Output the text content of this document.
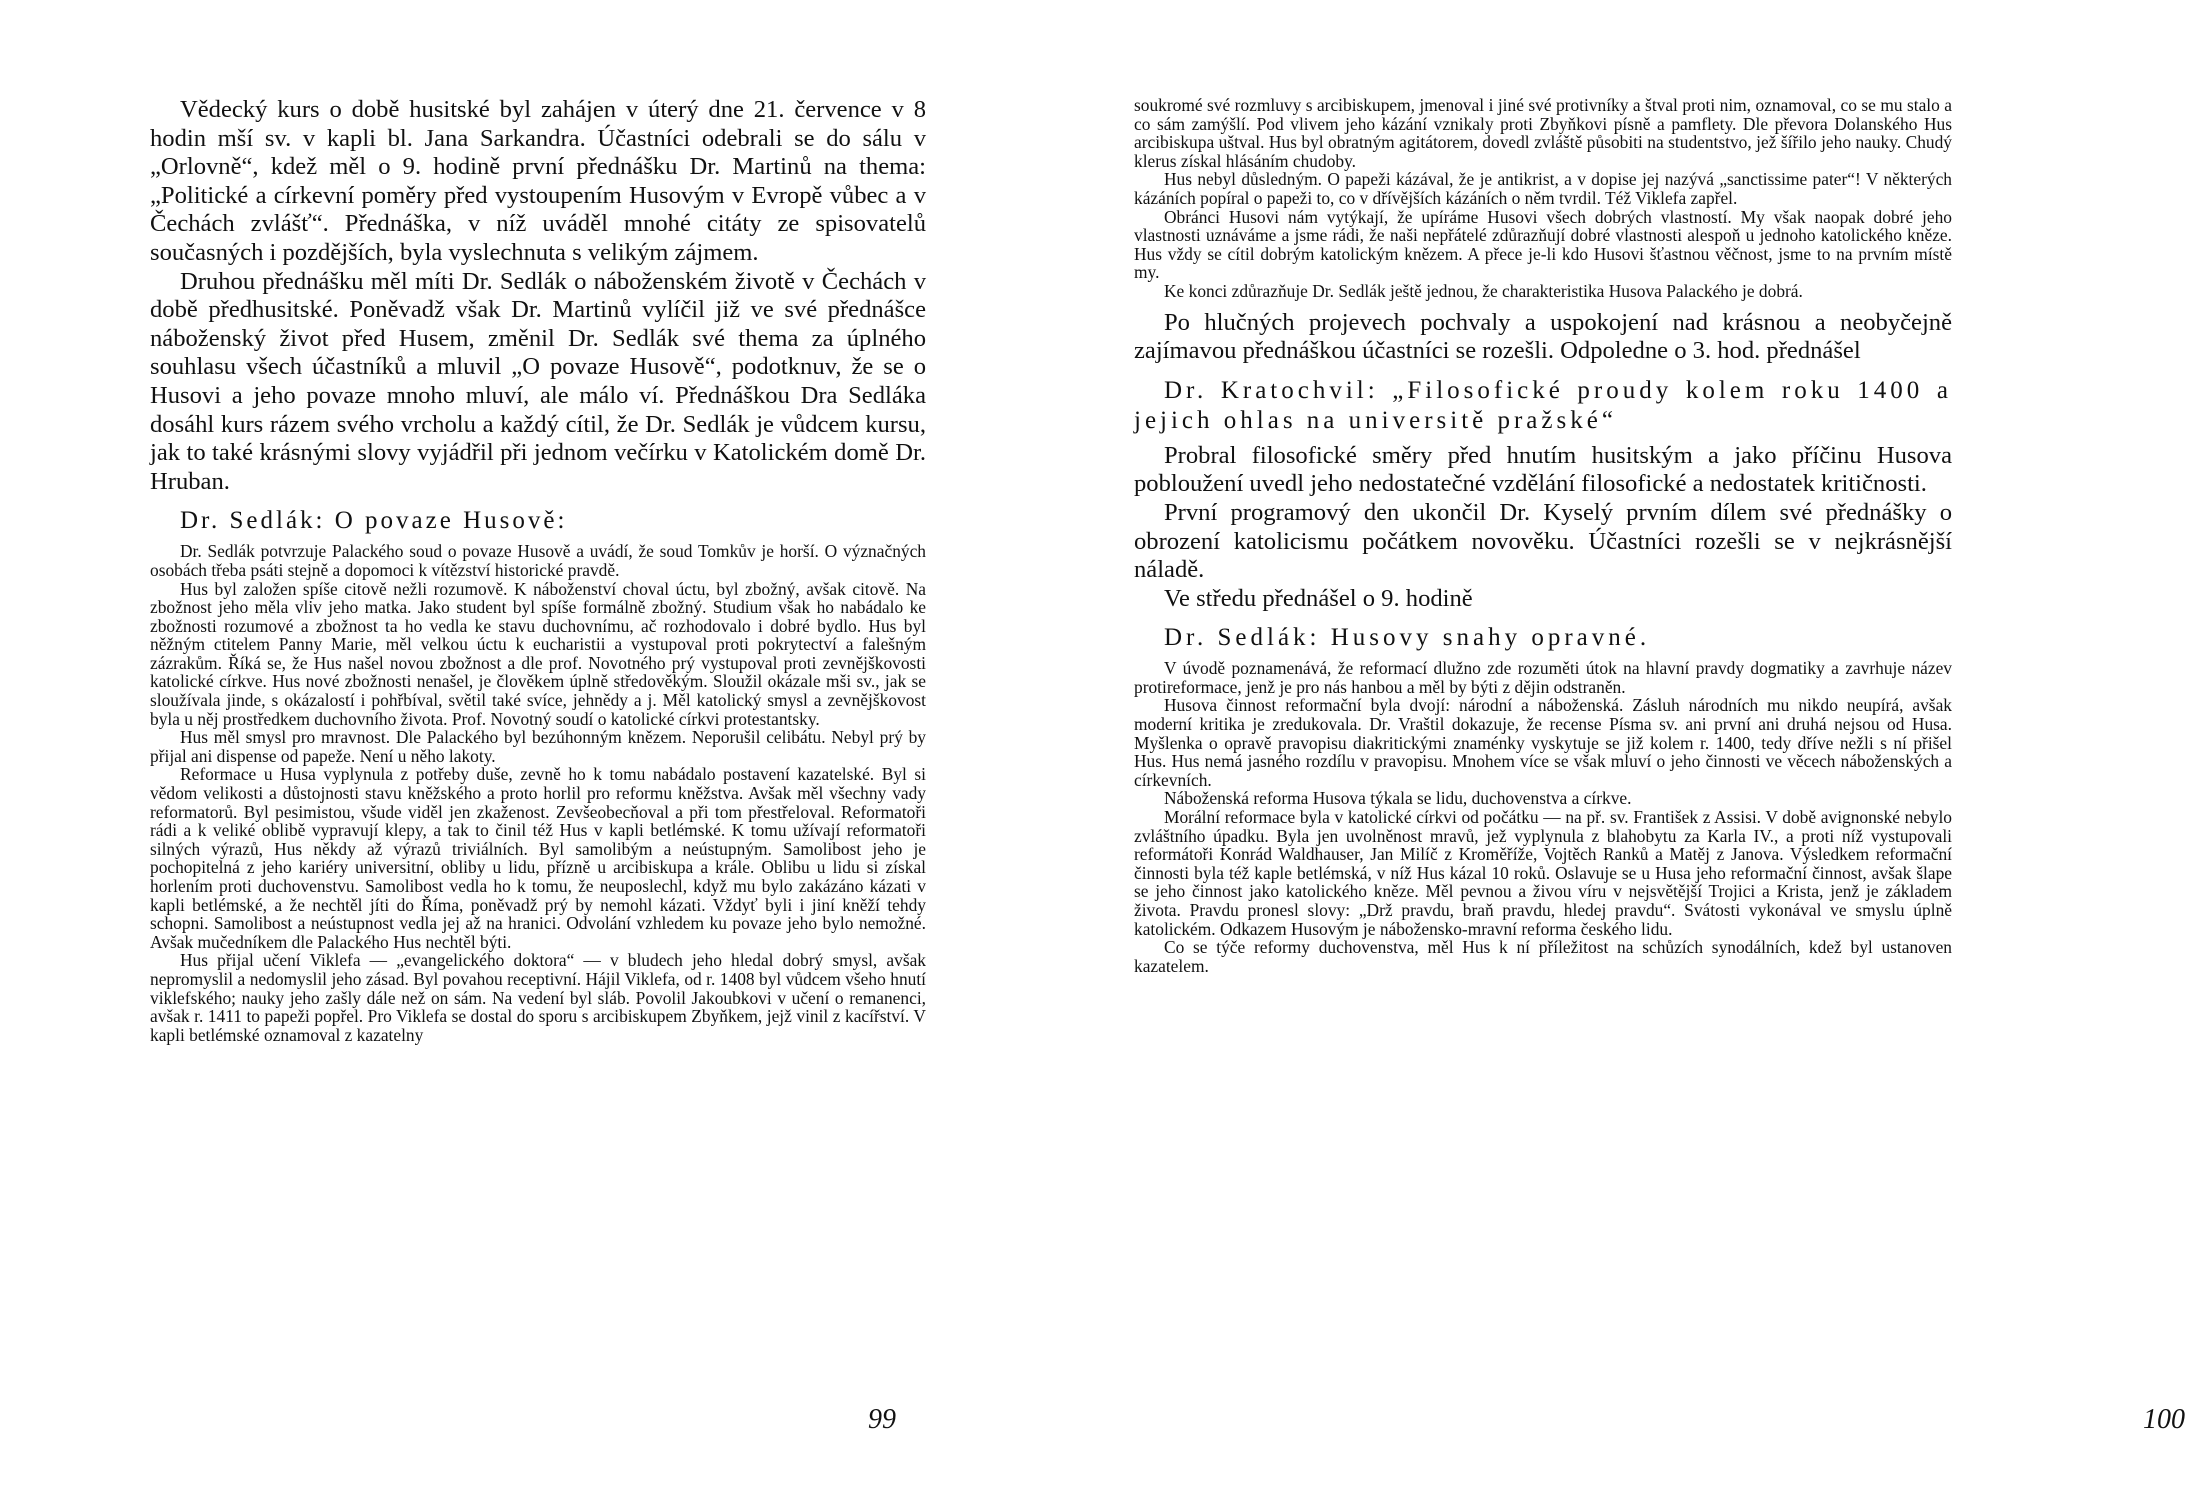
Vědecký kurs o době husitské byl zahájen v úterý dne 21. července v 8 hodin mší sv. v kapli bl. Jana Sarkandra. Účastníci odebrali se do sálu v „Orlovně“, kdež měl o 9. hodině první přednášku Dr. Martinů na thema: „Politické a církevní poměry před vystoupením Husovým v Evropě vůbec a v Čechách zvlášť“. Přednáška, v níž uváděl mnohé citáty ze spisovatelů současných i pozdějších, byla vyslechnuta s velikým zájmem.

Druhou přednášku měl míti Dr. Sedlák o náboženském životě v Čechách v době předhusitské. Poněvadž však Dr. Martinů vylíčil již ve své přednášce náboženský život před Husem, změnil Dr. Sedlák své thema za úplného souhlasu všech účastníků a mluvil „O povaze Husově“, podotknuv, že se o Husovi a jeho povaze mnoho mluví, ale málo ví. Přednáškou Dra Sedláka dosáhl kurs rázem svého vrcholu a každý cítil, že Dr. Sedlák je vůdcem kursu, jak to také krásnými slovy vyjádřil při jednom večírku v Katolickém domě Dr. Hruban.

Dr. Sedlák: O povaze Husově:

Dr. Sedlák potvrzuje Palackého soud o povaze Husově a uvádí, že soud Tomkův je horší. O význačných osobách třeba psáti stejně a dopomoci k vítězství historické pravdě.

Hus byl založen spíše citově nežli rozumově. K náboženství choval úctu, byl zbožný, avšak citově. Na zbožnost jeho měla vliv jeho matka. Jako student byl spíše formálně zbožný. Studium však ho nabádalo ke zbožnosti rozumové a zbožnost ta ho vedla ke stavu duchovnímu, ač rozhodovalo i dobré bydlo. Hus byl něžným ctitelem Panny Marie, měl velkou úctu k eucharistii a vystupoval proti pokrytectví a falešným zázrakům. Říká se, že Hus našel novou zbožnost a dle prof. Novotného prý vystupoval proti zevnějškovosti katolické církve. Hus nové zbožnosti nenašel, je člověkem úplně středověkým. Sloužil okázale mši sv., jak se sloužívala jinde, s okázalostí i pohřbíval, světil také svíce, jehnědy a j. Měl katolický smysl a zevnějškovost byla u něj prostředkem duchovního života. Prof. Novotný soudí o katolické církvi protestantsky.

Hus měl smysl pro mravnost. Dle Palackého byl bezúhonným knězem. Neporušil celibátu. Nebyl prý by přijal ani dispense od papeže. Není u něho lakoty.

Reformace u Husa vyplynula z potřeby duše, zevně ho k tomu nabádalo postavení kazatelské. Byl si vědom velikosti a důstojnosti stavu kněžského a proto horlil pro reformu kněžstva. Avšak měl všechny vady reformatorů. Byl pesimistou, všude viděl jen zkaženost. Zevšeobecňoval a při tom přestřeloval. Reformatoři rádi a k veliké oblibě vypravují klepy, a tak to činil též Hus v kapli betlémské. K tomu užívají reformatoři silných výrazů, Hus někdy až výrazů triviálních. Byl samolibým a neústupným. Samolibost jeho je pochopitelná z jeho kariéry universitní, obliby u lidu, přízně u arcibiskupa a krále. Oblibu u lidu si získal horlením proti duchovenstvu. Samolibost vedla ho k tomu, že neuposlechl, když mu bylo zakázáno kázati v kapli betlémské, a že nechtěl jíti do Říma, poněvadž prý by nemohl kázati. Vždyť byli i jiní kněží tehdy schopni. Samolibost a neústupnost vedla jej až na hranici. Odvolání vzhledem ku povaze jeho bylo nemožné. Avšak mučedníkem dle Palackého Hus nechtěl býti.

Hus přijal učení Viklefa — „evangelického doktora“ — v bludech jeho hledal dobrý smysl, avšak nepromyslil a nedomyslil jeho zásad. Byl povahou receptivní. Hájil Viklefa, od r. 1408 byl vůdcem všeho hnutí viklefského; nauky jeho zašly dále než on sám. Na vedení byl sláb. Povolil Jakoubkovi v učení o remanenci, avšak r. 1411 to papeži popřel. Pro Viklefa se dostal do sporu s arcibiskupem Zbyňkem, jejž vinil z kacířství. V kapli betlémské oznamoval z kazatelny

99

soukromé své rozmluvy s arcibiskupem, jmenoval i jiné své protivníky a štval proti nim, oznamoval, co se mu stalo a co sám zamýšlí. Pod vlivem jeho kázání vznikaly proti Zbyňkovi písně a pamflety. Dle převora Dolanského Hus arcibiskupa uštval. Hus byl obratným agitátorem, dovedl zvláště působiti na studentstvo, jež šířilo jeho nauky. Chudý klerus získal hlásáním chudoby.

Hus nebyl důsledným. O papeži kázával, že je antikrist, a v dopise jej nazývá „sanctissime pater“! V některých kázáních popíral o papeži to, co v dřívějších kázáních o něm tvrdil. Též Viklefa zapřel.

Obránci Husovi nám vytýkají, že upíráme Husovi všech dobrých vlastností. My však naopak dobré jeho vlastnosti uznáváme a jsme rádi, že naši nepřátelé zdůrazňují dobré vlastnosti alespoň u jednoho katolického kněze. Hus vždy se cítil dobrým katolickým knězem. A přece je-li kdo Husovi šťastnou věčnost, jsme to na prvním místě my.

Ke konci zdůrazňuje Dr. Sedlák ještě jednou, že charakteristika Husova Palackého je dobrá.

Po hlučných projevech pochvaly a uspokojení nad krásnou a neobyčejně zajímavou přednáškou účastníci se rozešli. Odpoledne o 3. hod. přednášel

Dr. Kratochvil: „Filosofické proudy kolem roku 1400 a jejich ohlas na universitě pražské“

Probral filosofické směry před hnutím husitským a jako příčinu Husova pobloužení uvedl jeho nedostatečné vzdělání filosofické a nedostatek kritičnosti.

První programový den ukončil Dr. Kyselý prvním dílem své přednášky o obrození katolicismu počátkem novověku. Účastníci rozešli se v nejkrásnější náladě.

Ve středu přednášel o 9. hodině

Dr. Sedlák: Husovy snahy opravné.

V úvodě poznamenává, že reformací dlužno zde rozuměti útok na hlavní pravdy dogmatiky a zavrhuje název protireformace, jenž je pro nás hanbou a měl by býti z dějin odstraněn.

Husova činnost reformační byla dvojí: národní a náboženská. Zásluh národních mu nikdo neupírá, avšak moderní kritika je zredukovala. Dr. Vraštil dokazuje, že recense Písma sv. ani první ani druhá nejsou od Husa. Myšlenka o opravě pravopisu diakritickými znaménky vyskytuje se již kolem r. 1400, tedy dříve nežli s ní přišel Hus. Hus nemá jasného rozdílu v pravopisu. Mnohem více se však mluví o jeho činnosti ve věcech náboženských a církevních.

Náboženská reforma Husova týkala se lidu, duchovenstva a církve.

Morální reformace byla v katolické církvi od počátku — na př. sv. František z Assisi. V době avignonské nebylo zvláštního úpadku. Byla jen uvolněnost mravů, jež vyplynula z blahobytu za Karla IV., a proti níž vystupovali reformátoři Konrád Waldhauser, Jan Milíč z Kroměříže, Vojtěch Ranků a Matěj z Janova. Výsledkem reformační činnosti byla též kaple betlémská, v níž Hus kázal 10 roků. Oslavuje se u Husa jeho reformační činnost, avšak šlape se jeho činnost jako katolického kněze. Měl pevnou a živou víru v nejsvětější Trojici a Krista, jenž je základem života. Pravdu pronesl slovy: „Drž pravdu, braň pravdu, hledej pravdu“. Svátosti vykonával ve smyslu úplně katolickém. Odkazem Husovým je nábožensko-mravní reforma českého lidu.

Co se týče reformy duchovenstva, měl Hus k ní příležitost na schůzích synodálních, kdež byl ustanoven kazatelem.

100
